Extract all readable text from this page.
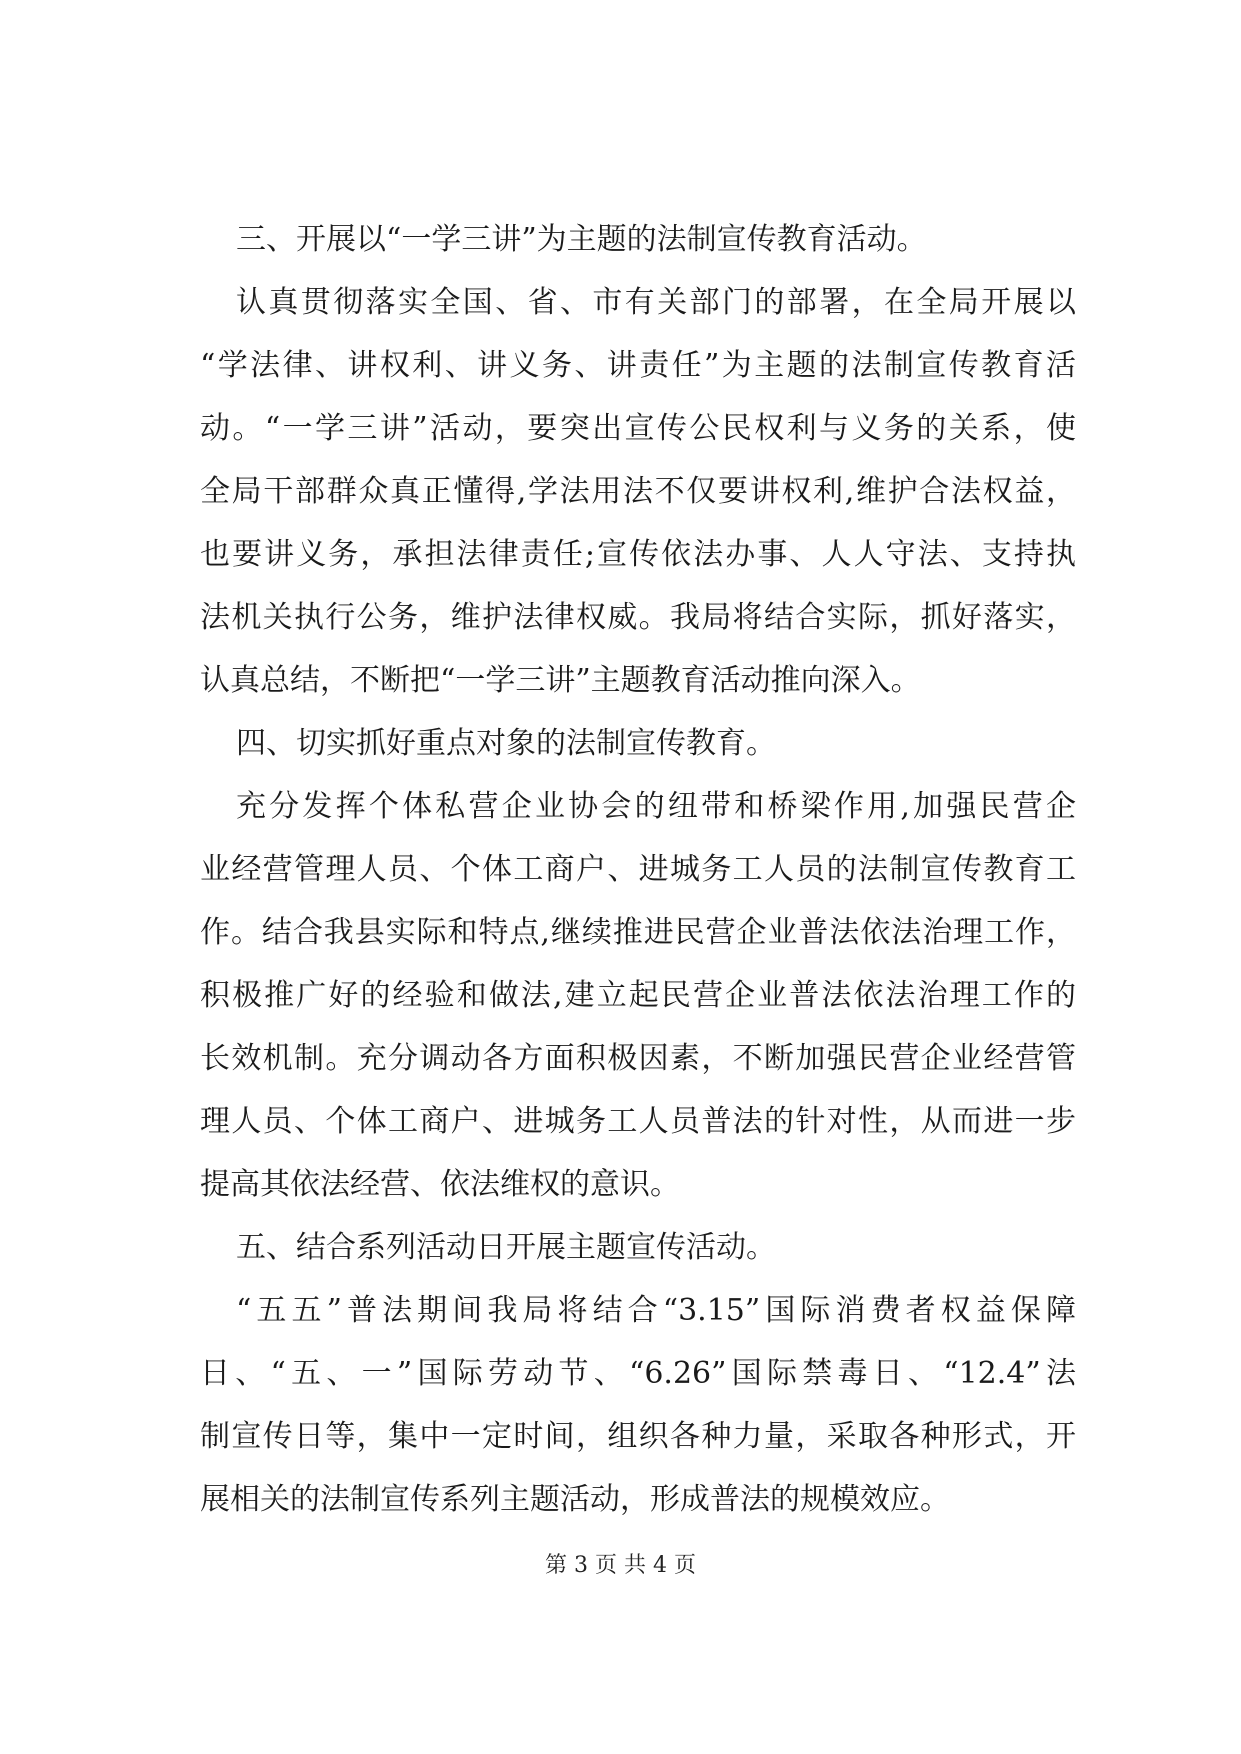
三、开展以“一学三讲”为主题的法制宣传教育活动。
认真贯彻落实全国、省、市有关部门的部署，在全局开展以
“学法律、讲权利、讲义务、讲责任”为主题的法制宣传教育活
动。“一学三讲”活动，要突出宣传公民权利与义务的关系，使
全局干部群众真正懂得,学法用法不仅要讲权利,维护合法权益，
也要讲义务，承担法律责任;宣传依法办事、人人守法、支持执
法机关执行公务，维护法律权威。我局将结合实际，抓好落实，
认真总结，不断把“一学三讲”主题教育活动推向深入。
四、切实抓好重点对象的法制宣传教育。
充分发挥个体私营企业协会的纽带和桥梁作用,加强民营企
业经营管理人员、个体工商户、进城务工人员的法制宣传教育工
作。结合我县实际和特点,继续推进民营企业普法依法治理工作，
积极推广好的经验和做法,建立起民营企业普法依法治理工作的
长效机制。充分调动各方面积极因素，不断加强民营企业经营管
理人员、个体工商户、进城务工人员普法的针对性，从而进一步
提高其依法经营、依法维权的意识。
五、结合系列活动日开展主题宣传活动。
“五五”普法期间我局将结合“3.15”国际消费者权益保障
日、“五、一”国际劳动节、“6.26”国际禁毒日、“12.4”法
制宣传日等，集中一定时间，组织各种力量，采取各种形式，开
展相关的法制宣传系列主题活动，形成普法的规模效应。
第 3 页 共 4 页
